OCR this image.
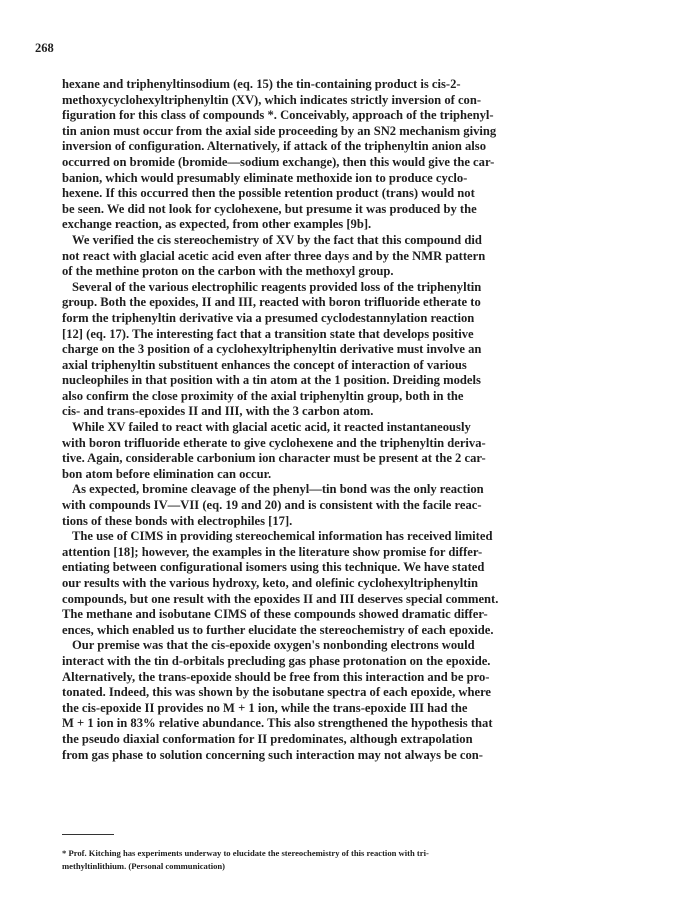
268
hexane and triphenyltinsodium (eq. 15) the tin-containing product is cis-2-
methoxycyclohexyltriphenyltin (XV), which indicates strictly inversion of con-
figuration for this class of compounds *. Conceivably, approach of the triphenyl-
tin anion must occur from the axial side proceeding by an SN2 mechanism giving
inversion of configuration. Alternatively, if attack of the triphenyltin anion also
occurred on bromide (bromide—sodium exchange), then this would give the car-
banion, which would presumably eliminate methoxide ion to produce cyclo-
hexene. If this occurred then the possible retention product (trans) would not
be seen. We did not look for cyclohexene, but presume it was produced by the
exchange reaction, as expected, from other examples [9b].
We verified the cis stereochemistry of XV by the fact that this compound did
not react with glacial acetic acid even after three days and by the NMR pattern
of the methine proton on the carbon with the methoxyl group.
Several of the various electrophilic reagents provided loss of the triphenyltin
group. Both the epoxides, II and III, reacted with boron trifluoride etherate to
form the triphenyltin derivative via a presumed cyclodestannylation reaction
[12] (eq. 17). The interesting fact that a transition state that develops positive
charge on the 3 position of a cyclohexyltriphenyltin derivative must involve an
axial triphenyltin substituent enhances the concept of interaction of various
nucleophiles in that position with a tin atom at the 1 position. Dreiding models
also confirm the close proximity of the axial triphenyltin group, both in the
cis- and trans-epoxides II and III, with the 3 carbon atom.
While XV failed to react with glacial acetic acid, it reacted instantaneously
with boron trifluoride etherate to give cyclohexene and the triphenyltin deriva-
tive. Again, considerable carbonium ion character must be present at the 2 car-
bon atom before elimination can occur.
As expected, bromine cleavage of the phenyl—tin bond was the only reaction
with compounds IV—VII (eq. 19 and 20) and is consistent with the facile reac-
tions of these bonds with electrophiles [17].
The use of CIMS in providing stereochemical information has received limited
attention [18]; however, the examples in the literature show promise for differ-
entiating between configurational isomers using this technique. We have stated
our results with the various hydroxy, keto, and olefinic cyclohexyltriphenyltin
compounds, but one result with the epoxides II and III deserves special comment.
The methane and isobutane CIMS of these compounds showed dramatic differ-
ences, which enabled us to further elucidate the stereochemistry of each epoxide.
Our premise was that the cis-epoxide oxygen's nonbonding electrons would
interact with the tin d-orbitals precluding gas phase protonation on the epoxide.
Alternatively, the trans-epoxide should be free from this interaction and be pro-
tonated. Indeed, this was shown by the isobutane spectra of each epoxide, where
the cis-epoxide II provides no M + 1 ion, while the trans-epoxide III had the
M + 1 ion in 83% relative abundance. This also strengthened the hypothesis that
the pseudo diaxial conformation for II predominates, although extrapolation
from gas phase to solution concerning such interaction may not always be con-
* Prof. Kitching has experiments underway to elucidate the stereochemistry of this reaction with tri-
methyltinlithium. (Personal communication)
